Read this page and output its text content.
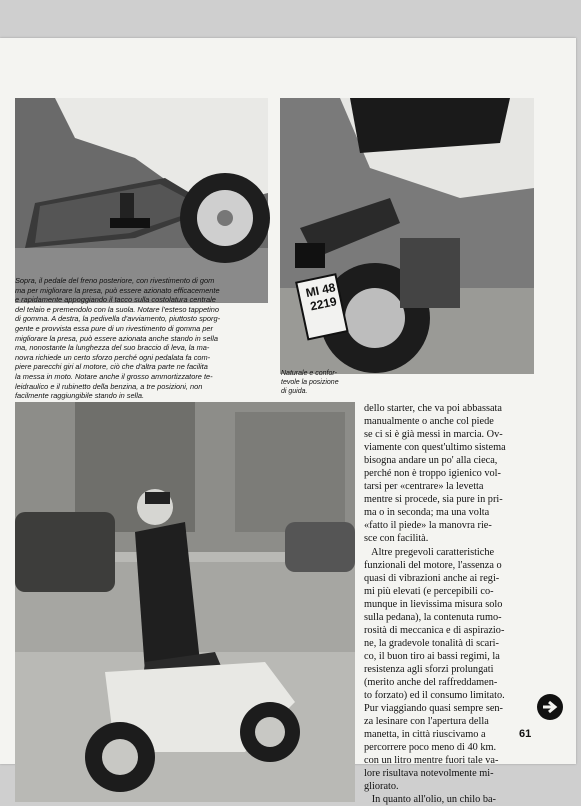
MI 48
2219
Sopra, il pedale del freno posteriore, con rivestimento di gom
ma per migliorare la presa, può essere azionato efficacemente
e rapidamente appoggiando il tacco sulla costolatura centrale
del telaio e premendolo con la suola. Notare l'esteso tappetino
di gomma. A destra, la pedivella d'avviamento, piuttosto sporg-
gente e provvista essa pure di un rivestimento di gomma per
migliorare la presa, può essere azionata anche stando in sella
ma, nonostante la lunghezza del suo braccio di leva, la ma-
novra richiede un certo sforzo perché ogni pedalata fa com-
piere parecchi giri al motore, ciò che d'altra parte ne facilita
la messa in moto. Notare anche il grosso ammortizzatore te-
leidraulico e il rubinetto della benzina, a tre posizioni, non
facilmente raggiungibile stando in sella.
Naturale e confor-
tevole la posizione
di guida.
dello starter, che va poi abbassata
manualmente o anche col piede
se ci si è già messi in marcia. Ov-
viamente con quest'ultimo sistema
bisogna andare un po' alla cieca,
perché non è troppo igienico vol-
tarsi per «centrare» la levetta
mentre si procede, sia pure in pri-
ma o in seconda; ma una volta
«fatto il piede» la manovra rie-
sce con facilità.
Altre pregevoli caratteristiche
funzionali del motore, l'assenza o
quasi di vibrazioni anche ai regi-
mi più elevati (e percepibili co-
munque in lievissima misura solo
sulla pedana), la contenuta rumo-
rosità di meccanica e di aspirazio-
ne, la gradevole tonalità di scari-
co, il buon tiro ai bassi regimi, la
resistenza agli sforzi prolungati
(merito anche del raffreddamen-
to forzato) ed il consumo limitato.
Pur viaggiando quasi sempre sen-
za lesinare con l'apertura della
manetta, in città riuscivamo a
percorrere poco meno di 40 km.
con un litro mentre fuori tale va-
lore risultava notevolmente mi-
gliorato.
In quanto all'olio, un chilo ba-
61
